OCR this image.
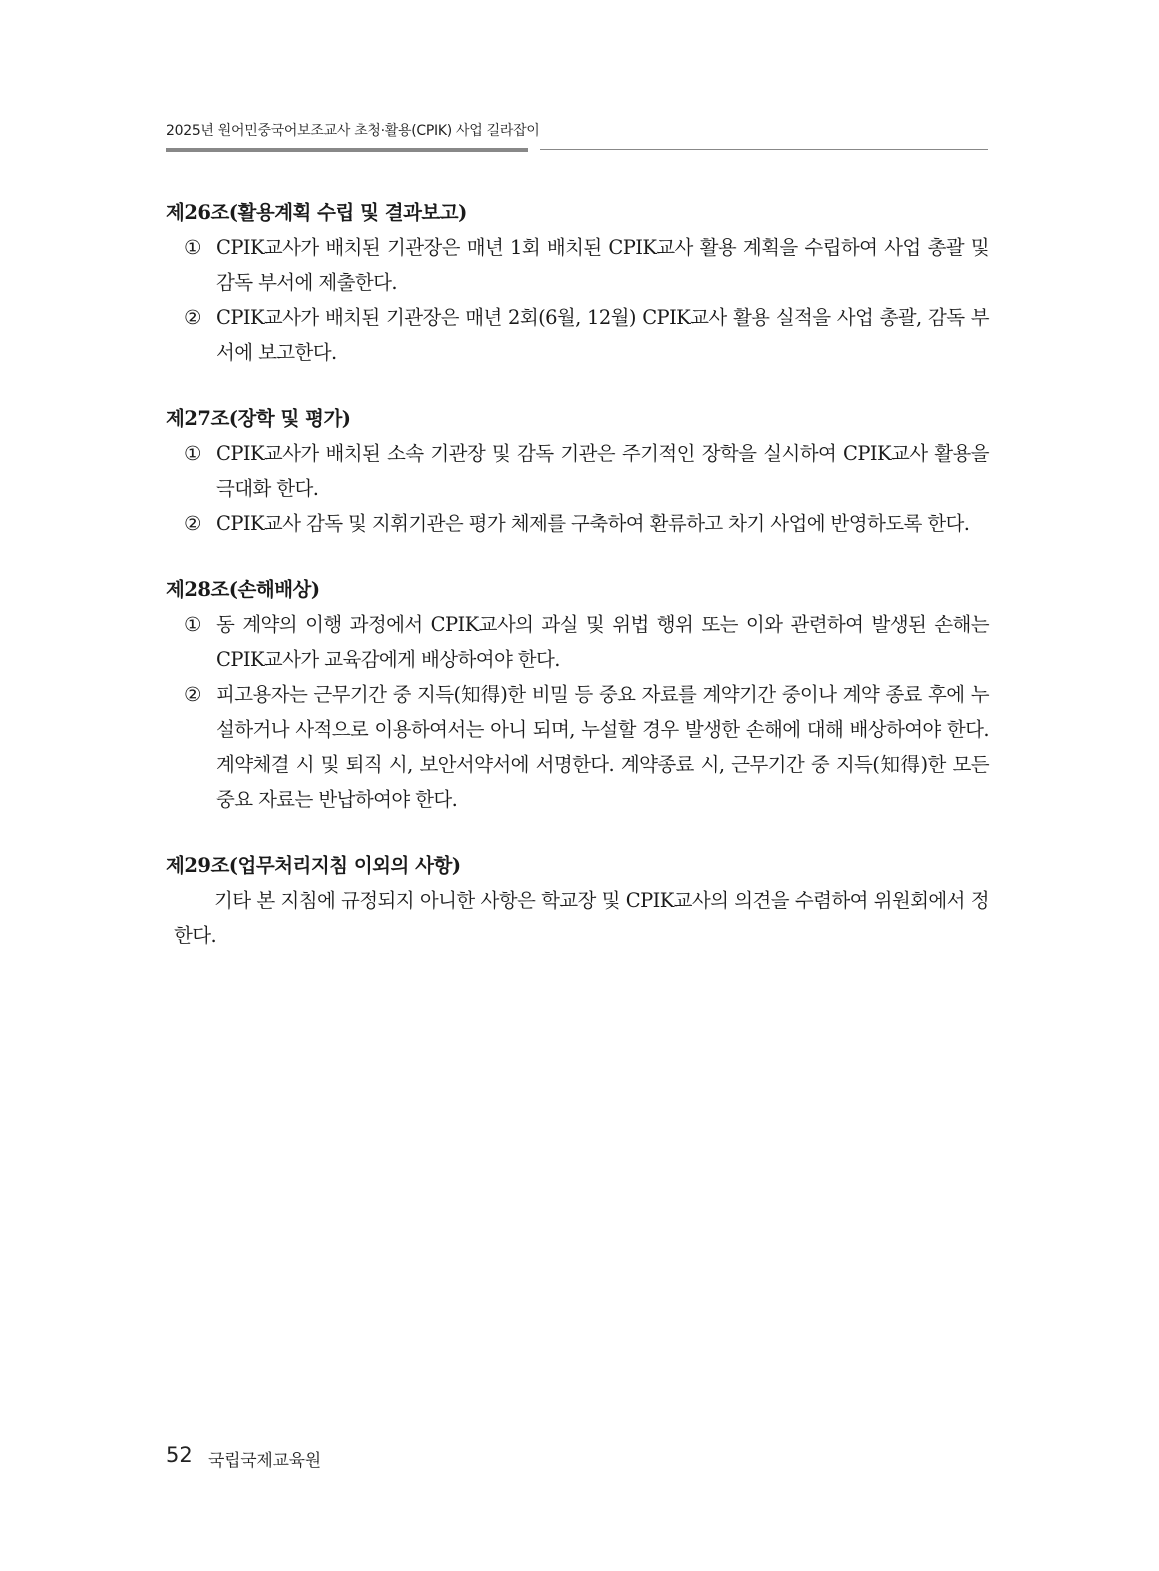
2025년 원어민중국어보조교사 초청·활용(CPIK) 사업 길라잡이
제26조(활용계획 수립 및 결과보고)

① CPIK교사가 배치된 기관장은 매년 1회 배치된 CPIK교사 활용 계획을 수립하여 사업 총괄 및 감독 부서에 제출한다.

② CPIK교사가 배치된 기관장은 매년 2회(6월, 12월) CPIK교사 활용 실적을 사업 총괄, 감독 부서에 보고한다.

제27조(장학 및 평가)

① CPIK교사가 배치된 소속 기관장 및 감독 기관은 주기적인 장학을 실시하여 CPIK교사 활용을 극대화 한다.

② CPIK교사 감독 및 지휘기관은 평가 체제를 구축하여 환류하고 차기 사업에 반영하도록 한다.

제28조(손해배상)

① 동 계약의 이행 과정에서 CPIK교사의 과실 및 위법 행위 또는 이와 관련하여 발생된 손해는 CPIK교사가 교육감에게 배상하여야 한다.

② 피고용자는 근무기간 중 지득(知得)한 비밀 등 중요 자료를 계약기간 중이나 계약 종료 후에 누설하거나 사적으로 이용하여서는 아니 되며, 누설할 경우 발생한 손해에 대해 배상하여야 한다. 계약체결 시 및 퇴직 시, 보안서약서에 서명한다. 계약종료 시, 근무기간 중 지득(知得)한 모든 중요 자료는 반납하여야 한다.

제29조(업무처리지침 이외의 사항)

기타 본 지침에 규정되지 아니한 사항은 학교장 및 CPIK교사의 의견을 수렴하여 위원회에서 정한다.

52 국립국제교육원
